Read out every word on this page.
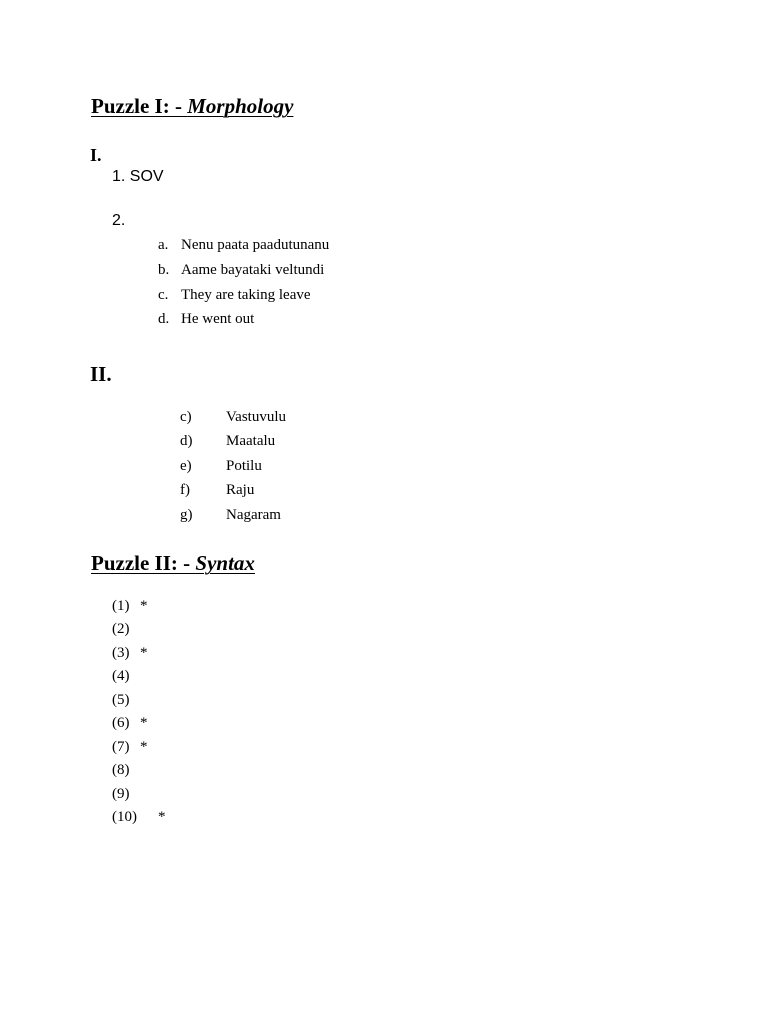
Puzzle I: - Morphology
I.
1. SOV
2.
a. Nenu paata paadutunanu
b. Aame bayataki veltundi
c. They are taking leave
d. He went out
II.
c) Vastuvulu
d) Maatalu
e) Potilu
f) Raju
g) Nagaram
Puzzle II: - Syntax
(1) *
(2)
(3) *
(4)
(5)
(6) *
(7) *
(8)
(9)
(10) *
